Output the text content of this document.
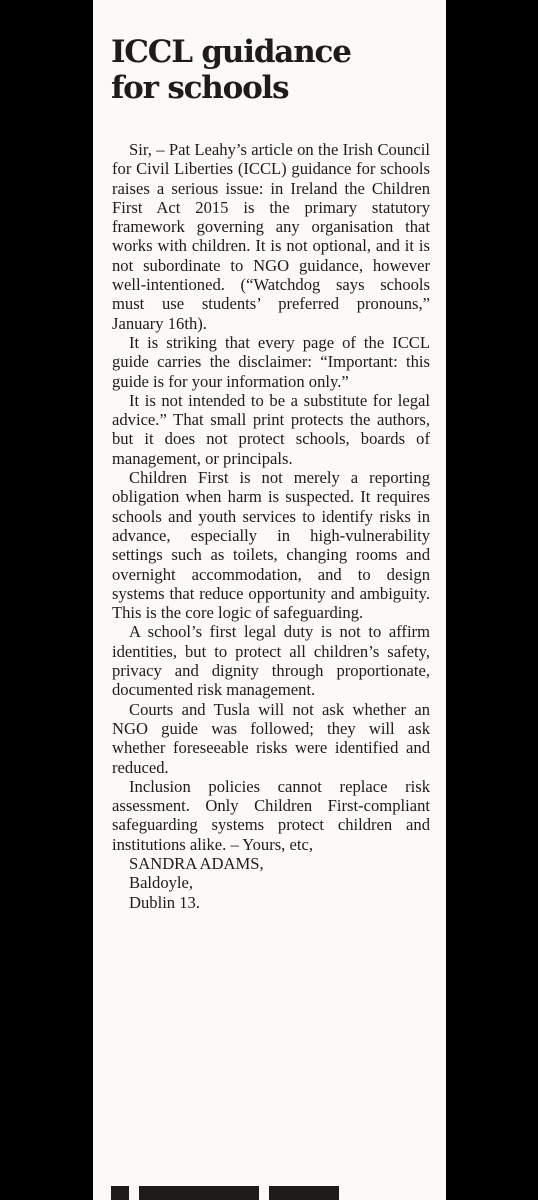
ICCL guidance
for schools

Sir, – Pat Leahy’s article on the Irish Council for Civil Liberties (ICCL) guidance for schools raises a serious issue: in Ireland the Children First Act 2015 is the primary statutory framework governing any organisation that works with children. It is not optional, and it is not subordinate to NGO guidance, however well-intentioned. (“Watchdog says schools must use students’ preferred pronouns,” January 16th).

It is striking that every page of the ICCL guide carries the disclaimer: “Important: this guide is for your information only.”

It is not intended to be a substitute for legal advice.” That small print protects the authors, but it does not protect schools, boards of management, or principals.

Children First is not merely a reporting obligation when harm is suspected. It requires schools and youth services to identify risks in advance, especially in high-vulnerability settings such as toilets, changing rooms and overnight accommodation, and to design systems that reduce opportunity and ambiguity. This is the core logic of safeguarding.

A school’s first legal duty is not to affirm identities, but to protect all children’s safety, privacy and dignity through proportionate, documented risk management.

Courts and Tusla will not ask whether an NGO guide was followed; they will ask whether foreseeable risks were identified and reduced.

Inclusion policies cannot replace risk assessment. Only Children First-compliant safeguarding systems protect children and institutions alike. – Yours, etc,

SANDRA ADAMS,
Baldoyle,
Dublin 13.
